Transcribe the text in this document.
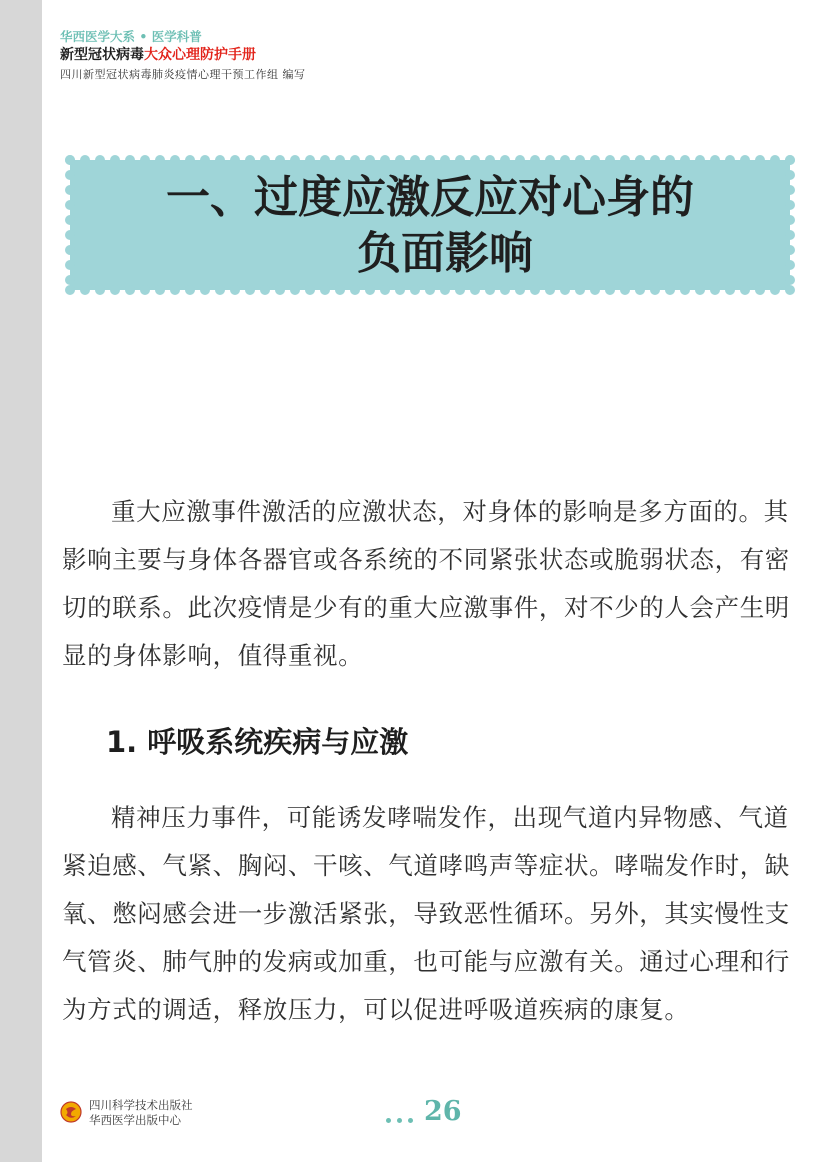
华西医学大系 • 医学科普
新型冠状病毒大众心理防护手册
四川新型冠状病毒肺炎疫情心理干预工作组 编写
一、过度应激反应对心身的
负面影响
重大应激事件激活的应激状态，对身体的影响是多方面的。其影响主要与身体各器官或各系统的不同紧张状态或脆弱状态，有密切的联系。此次疫情是少有的重大应激事件，对不少的人会产生明显的身体影响，值得重视。
1. 呼吸系统疾病与应激
精神压力事件，可能诱发哮喘发作，出现气道内异物感、气道紧迫感、气紧、胸闷、干咳、气道哮鸣声等症状。哮喘发作时，缺氧、憋闷感会进一步激活紧张，导致恶性循环。另外，其实慢性支气管炎、肺气肿的发病或加重，也可能与应激有关。通过心理和行为方式的调适，释放压力，可以促进呼吸道疾病的康复。
四川科学技术出版社
华西医学出版中心	26
